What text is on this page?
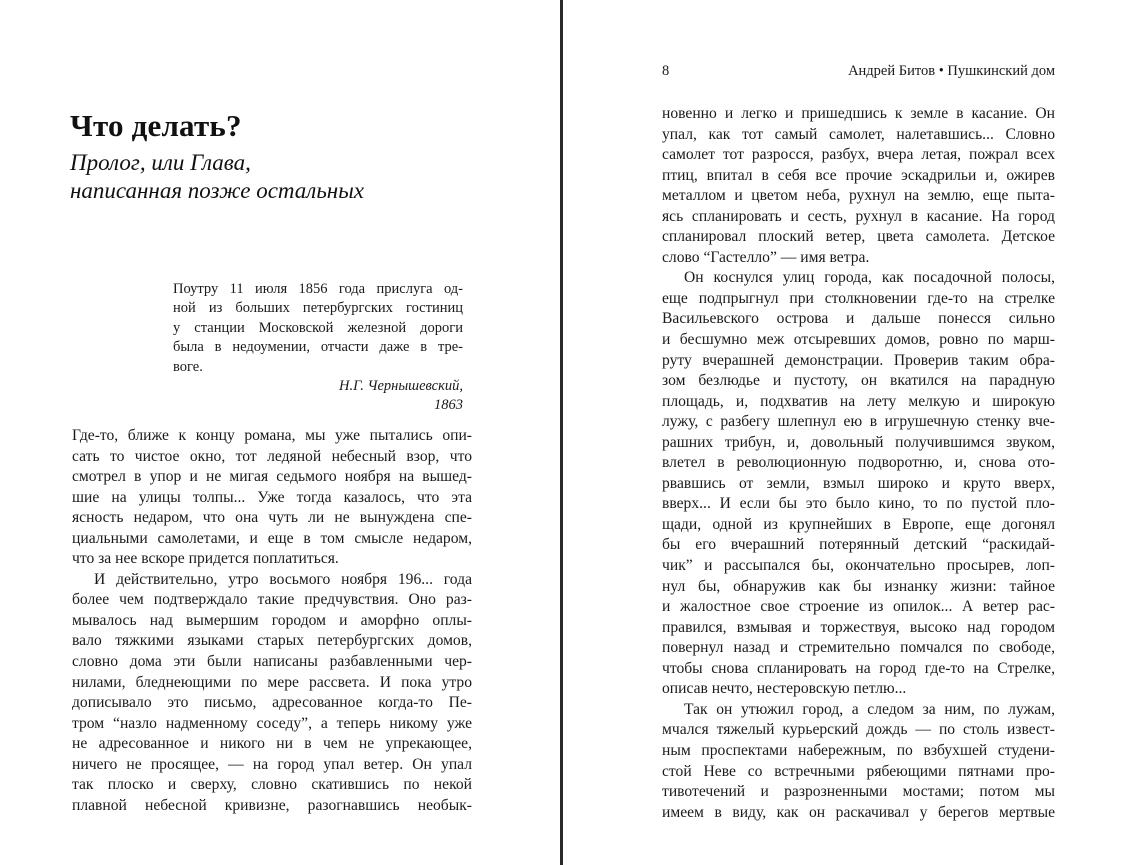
Что делать?
Пролог, или Глава,
написанная позже остальных
Поутру 11 июля 1856 года прислуга од-
ной из больших петербургских гостиниц
у станции Московской железной дороги
была в недоумении, отчасти даже в тре-
воге.
Н.Г. Чернышевский,
1863
Где-то, ближе к концу романа, мы уже пытались опи-
сать то чистое окно, тот ледяной небесный взор, что
смотрел в упор и не мигая седьмого ноября на вышед-
шие на улицы толпы... Уже тогда казалось, что эта
ясность недаром, что она чуть ли не вынуждена спе-
циальными самолетами, и еще в том смысле недаром,
что за нее вскоре придется поплатиться.
И действительно, утро восьмого ноября 196... года
более чем подтверждало такие предчувствия. Оно раз-
мывалось над вымершим городом и аморфно оплы-
вало тяжкими языками старых петербургских домов,
словно дома эти были написаны разбавленными чер-
нилами, бледнеющими по мере рассвета. И пока утро
дописывало это письмо, адресованное когда-то Пе-
тром “назло надменному соседу”, а теперь никому уже
не адресованное и никого ни в чем не упрекающее,
ничего не просящее, — на город упал ветер. Он упал
так плоско и сверху, словно скатившись по некой
плавной небесной кривизне, разогнавшись необык-
8	Андрей Битов • Пушкинский дом
новенно и легко и пришедшись к земле в касание. Он
упал, как тот самый самолет, налетавшись... Словно
самолет тот разросся, разбух, вчера летая, пожрал всех
птиц, впитал в себя все прочие эскадрильи и, ожирев
металлом и цветом неба, рухнул на землю, еще пыта-
ясь спланировать и сесть, рухнул в касание. На город
спланировал плоский ветер, цвета самолета. Детское
слово “Гастелло” — имя ветра.
Он коснулся улиц города, как посадочной полосы,
еще подпрыгнул при столкновении где-то на стрелке
Васильевского острова и дальше понесся сильно
и бесшумно меж отсыревших домов, ровно по марш-
руту вчерашней демонстрации. Проверив таким обра-
зом безлюдье и пустоту, он вкатился на парадную
площадь, и, подхватив на лету мелкую и широкую
лужу, с разбегу шлепнул ею в игрушечную стенку вче-
рашних трибун, и, довольный получившимся звуком,
влетел в революционную подворотню, и, снова ото-
рвавшись от земли, взмыл широко и круто вверх,
вверх... И если бы это было кино, то по пустой пло-
щади, одной из крупнейших в Европе, еще догонял
бы его вчерашний потерянный детский “раскидай-
чик” и рассыпался бы, окончательно просырев, лоп-
нул бы, обнаружив как бы изнанку жизни: тайное
и жалостное свое строение из опилок... А ветер рас-
правился, взмывая и торжествуя, высоко над городом
повернул назад и стремительно помчался по свободе,
чтобы снова спланировать на город где-то на Стрелке,
описав нечто, нестеровскую петлю...
Так он утюжил город, а следом за ним, по лужам,
мчался тяжелый курьерский дождь — по столь извест-
ным проспектами набережным, по взбухшей студени-
стой Неве со встречными рябеющими пятнами про-
тивотечений и разрозненными мостами; потом мы
имеем в виду, как он раскачивал у берегов мертвые
